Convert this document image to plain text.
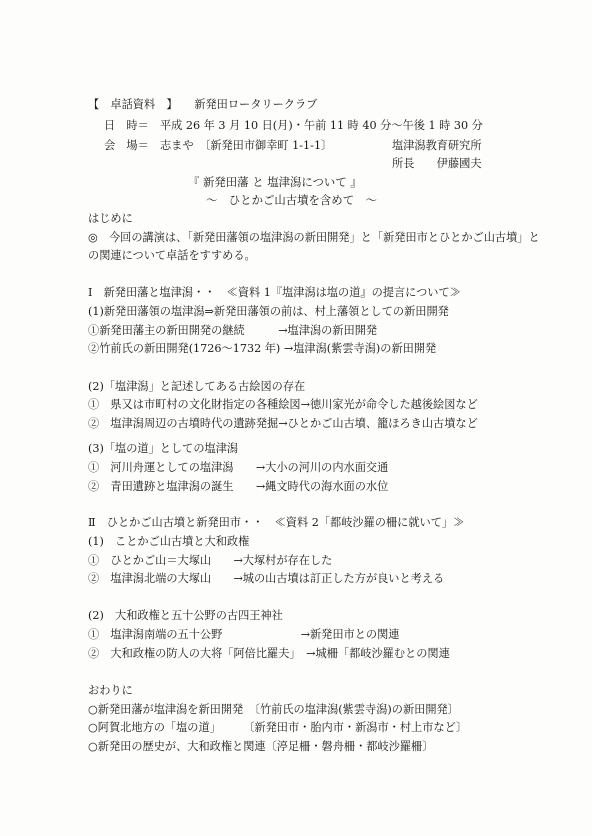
【　卓話資料　】　　新発田ロータリークラブ
日　時＝　平成 26 年 3 月 10 日(月)・午前 11 時 40 分〜午後 1 時 30 分
会　場＝　志まや　〔新発田市御幸町 1-1-1〕	塩津潟教育研究所
所長　　伊藤國夫
『 新発田藩 と 塩津潟について 』
〜　ひとかご山古墳を含めて　〜
はじめに
◎　今回の講演は、「新発田藩領の塩津潟の新田開発」と「新発田市とひとかご山古墳」と
の関連について卓話をすすめる。
Ⅰ　新発田藩と塩津潟・・　≪資料 1『塩津潟は塩の道』の提言について≫
(1)新発田藩領の塩津潟⇒新発田藩領の前は、村上藩領としての新田開発
①新発田藩主の新田開発の継続　　　→塩津潟の新田開発
②竹前氏の新田開発(1726〜1732 年) →塩津潟(紫雲寺潟)の新田開発
(2)「塩津潟」と記述してある古絵図の存在
①　県又は市町村の文化財指定の各種絵図→徳川家光が命令した越後絵図など
②　塩津潟周辺の古墳時代の遺跡発掘→ひとかご山古墳、籠ほろき山古墳など
(3)「塩の道」としての塩津潟
①　河川舟運としての塩津潟　　→大小の河川の内水面交通
②　青田遺跡と塩津潟の誕生　　→縄文時代の海水面の水位
Ⅱ　ひとかご山古墳と新発田市・・　≪資料 2「都岐沙羅の柵に就いて」≫
(1)　ことかご山古墳と大和政権
①　ひとかご山＝大塚山　　→大塚村が存在した
②　塩津潟北端の大塚山　　→城の山古墳は訂正した方が良いと考える
(2)　大和政権と五十公野の古四王神社
①　塩津潟南端の五十公野　　　　　　　→新発田市との関連
②　大和政権の防人の大将「阿倍比羅夫」　→城柵「都岐沙羅むとの関連
おわりに
○新発田藩が塩津潟を新田開発　〔竹前氏の塩津潟(紫雲寺潟)の新田開発〕
○阿賀北地方の「塩の道」　　　〔新発田市・胎内市・新潟市・村上市など〕
○新発田の歴史が、大和政権と関連〔渟足柵・磐舟柵・都岐沙羅柵〕
